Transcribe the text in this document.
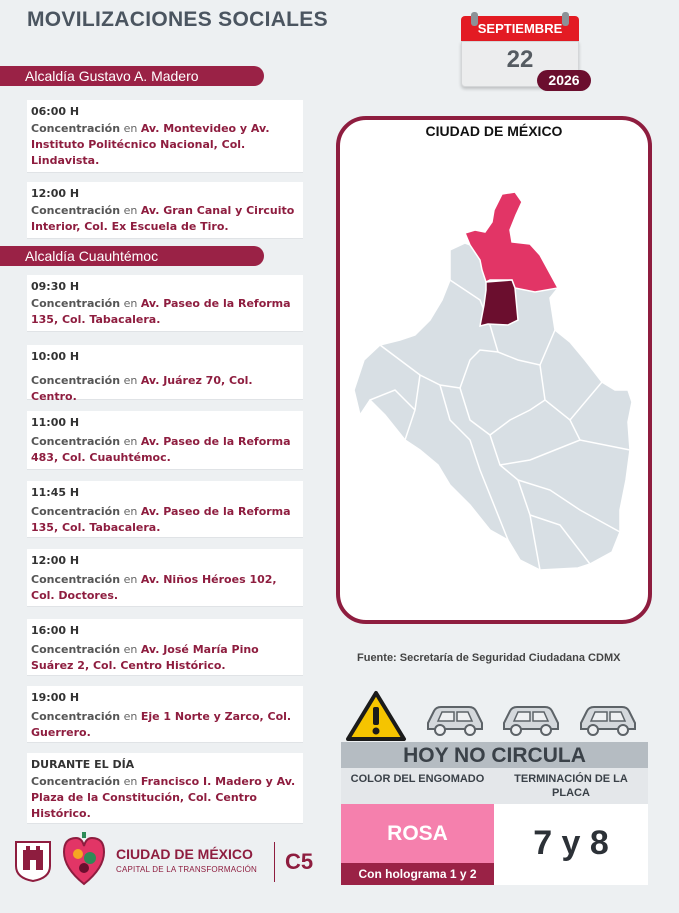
MOVILIZACIONES SOCIALES	SEPTIEMBRE
22
2026
Alcaldía Gustavo A. Madero
06:00 H
Concentración en Av. Montevideo y Av. Instituto Politécnico Nacional, Col. Lindavista.
12:00 H
Concentración en Av. Gran Canal y Circuito Interior, Col. Ex Escuela de Tiro.
Alcaldía Cuauhtémoc
09:30 H
Concentración en Av. Paseo de la Reforma 135, Col. Tabacalera.
10:00 H
Concentración en Av. Juárez 70, Col. Centro.
11:00 H
Concentración en Av. Paseo de la Reforma 483, Col. Cuauhtémoc.
11:45 H
Concentración en Av. Paseo de la Reforma 135, Col. Tabacalera.
12:00 H
Concentración en Av. Niños Héroes 102, Col. Doctores.
16:00 H
Concentración en Av. José María Pino Suárez 2, Col. Centro Histórico.
19:00 H
Concentración en Eje 1 Norte y Zarco, Col. Guerrero.
DURANTE EL DÍA
Concentración en Francisco I. Madero y Av. Plaza de la Constitución, Col. Centro Histórico.
CIUDAD DE MÉXICO
Fuente: Secretaría de Seguridad Ciudadana CDMX
HOY NO CIRCULA
COLOR DEL ENGOMADO	TERMINACIÓN DE LA PLACA
ROSA
Con holograma 1 y 2
7 y 8
CIUDAD DE MÉXICO
CAPITAL DE LA TRANSFORMACIÓN C5
